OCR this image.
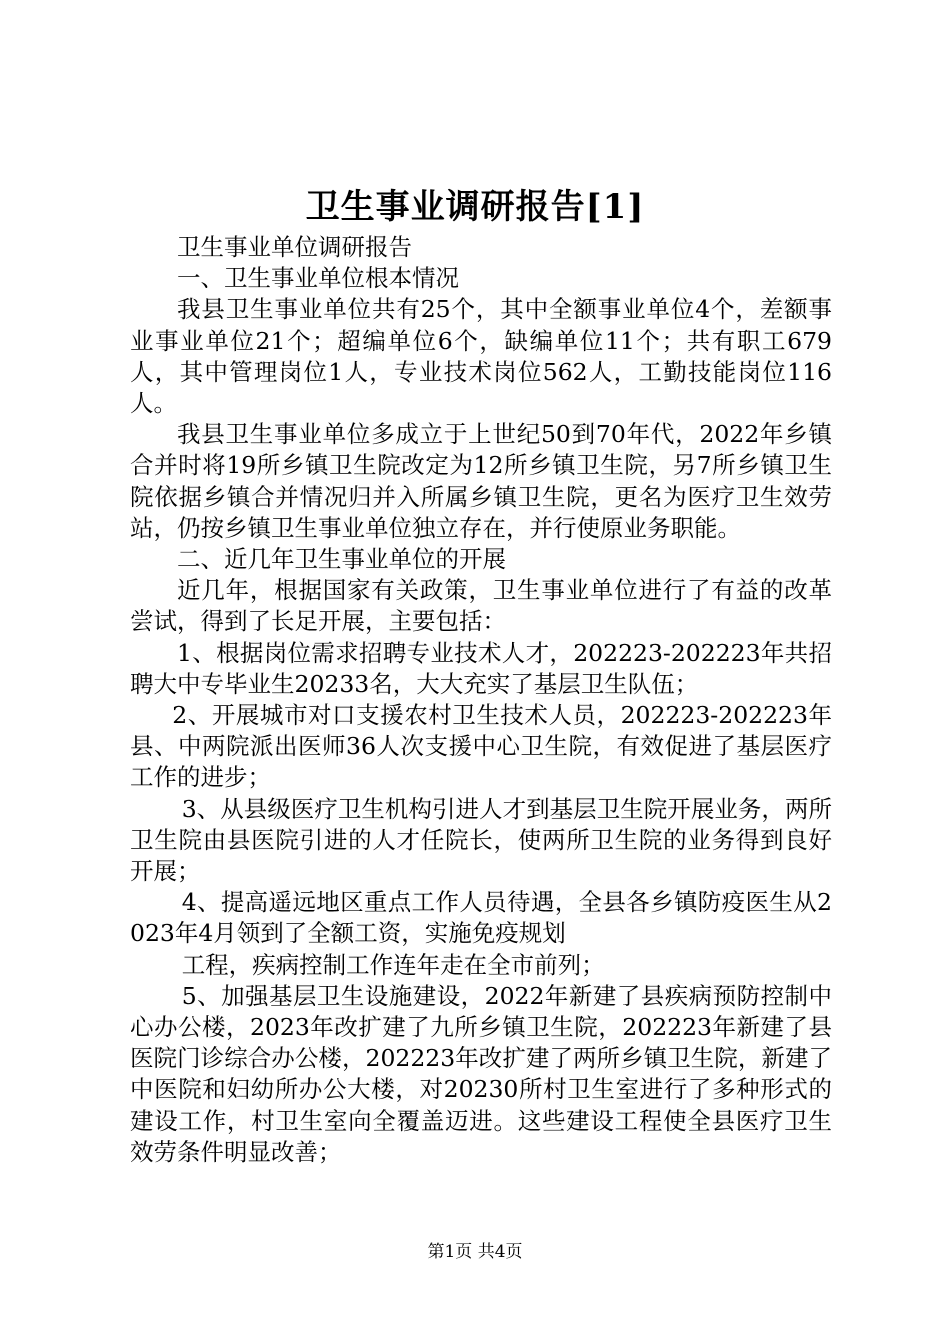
卫生事业调研报告[1]

卫生事业单位调研报告

一、卫生事业单位根本情况

我县卫生事业单位共有25个，其中全额事业单位4个，差额事业事业单位21个；超编单位6个，缺编单位11个；共有职工679人，其中管理岗位1人，专业技术岗位562人，工勤技能岗位116人。

我县卫生事业单位多成立于上世纪50到70年代，2022年乡镇合并时将19所乡镇卫生院改定为12所乡镇卫生院，另7所乡镇卫生院依据乡镇合并情况归并入所属乡镇卫生院，更名为医疗卫生效劳站，仍按乡镇卫生事业单位独立存在，并行使原业务职能。

二、近几年卫生事业单位的开展

近几年，根据国家有关政策，卫生事业单位进行了有益的改革尝试，得到了长足开展，主要包括：

1、根据岗位需求招聘专业技术人才，202223-202223年共招聘大中专毕业生20233名，大大充实了基层卫生队伍；

2、开展城市对口支援农村卫生技术人员，202223-202223年县、中两院派出医师36人次支援中心卫生院，有效促进了基层医疗工作的进步；

3、从县级医疗卫生机构引进人才到基层卫生院开展业务，两所卫生院由县医院引进的人才任院长，使两所卫生院的业务得到良好开展；

4、提高遥远地区重点工作人员待遇，全县各乡镇防疫医生从2023年4月领到了全额工资，实施免疫规划

工程，疾病控制工作连年走在全市前列；

5、加强基层卫生设施建设，2022年新建了县疾病预防控制中心办公楼，2023年改扩建了九所乡镇卫生院，202223年新建了县医院门诊综合办公楼，202223年改扩建了两所乡镇卫生院，新建了中医院和妇幼所办公大楼，对20230所村卫生室进行了多种形式的建设工作，村卫生室向全覆盖迈进。这些建设工程使全县医疗卫生效劳条件明显改善；

第1页 共4页
